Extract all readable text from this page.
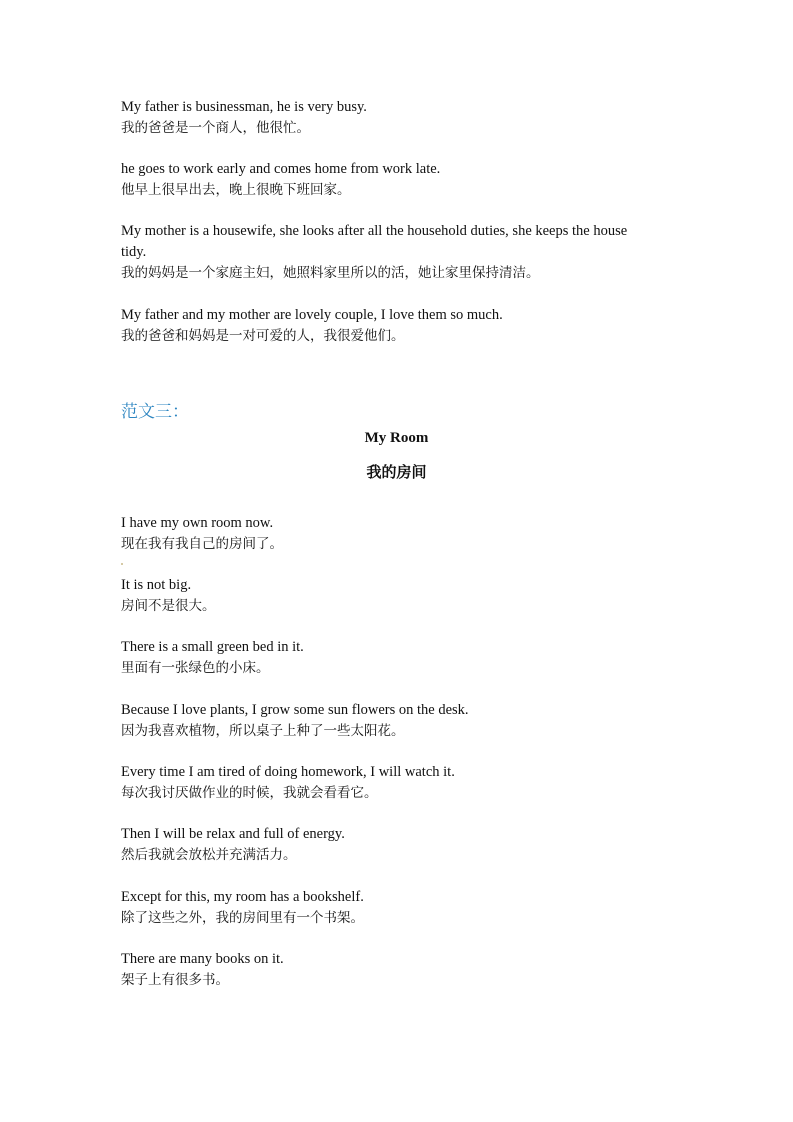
My father is businessman, he is very busy.
我的爸爸是一个商人，他很忙。
he goes to work early and comes home from work late.
他早上很早出去，晚上很晚下班回家。
My mother is a housewife, she looks after all the household duties, she keeps the house tidy.
我的妈妈是一个家庭主妇，她照料家里所以的活，她让家里保持清洁。
My father and my mother are lovely couple, I love them so much.
我的爸爸和妈妈是一对可爱的人，我很爱他们。
范文三：
My Room
我的房间
I have my own room now.
现在我有我自己的房间了。
It is not big.
房间不是很大。
There is a small green bed in it.
里面有一张绿色的小床。
Because I love plants, I grow some sun flowers on the desk.
因为我喜欢植物，所以桌子上种了一些太阳花。
Every time I am tired of doing homework, I will watch it.
每次我讨厌做作业的时候，我就会看看它。
Then I will be relax and full of energy.
然后我就会放松并充满活力。
Except for this, my room has a bookshelf.
除了这些之外，我的房间里有一个书架。
There are many books on it.
架子上有很多书。
